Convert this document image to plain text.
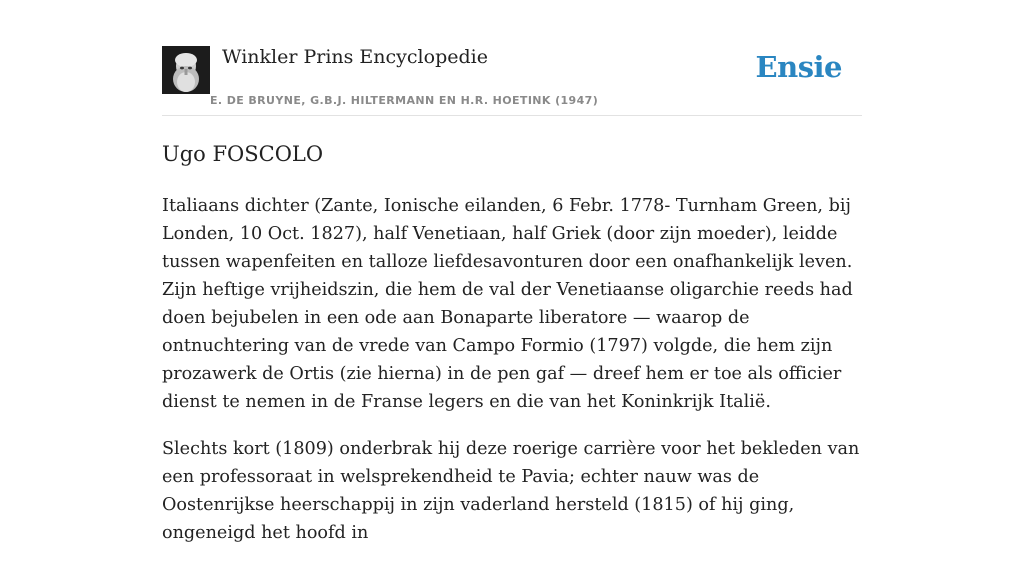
Winkler Prins Encyclopedie
E. DE BRUYNE, G.B.J. HILTERMANN EN H.R. HOETINK (1947)
Ensie
Ugo FOSCOLO

Italiaans dichter (Zante, Ionische eilanden, 6 Febr. 1778- Turnham Green, bij Londen, 10 Oct. 1827), half Venetiaan, half Griek (door zijn moeder), leidde tussen wapenfeiten en talloze liefdesavonturen door een onafhankelijk leven. Zijn heftige vrijheidszin, die hem de val der Venetiaanse oligarchie reeds had doen bejubelen in een ode aan Bonaparte liberatore — waarop de ontnuchtering van de vrede van Campo Formio (1797) volgde, die hem zijn prozawerk de Ortis (zie hierna) in de pen gaf — dreef hem er toe als officier dienst te nemen in de Franse legers en die van het Koninkrijk Italië.

Slechts kort (1809) onderbrak hij deze roerige carrière voor het bekleden van een professoraat in welsprekendheid te Pavia; echter nauw was de Oostenrijkse heerschappij in zijn vaderland hersteld (1815) of hij ging, ongeneigd het hoofd in
